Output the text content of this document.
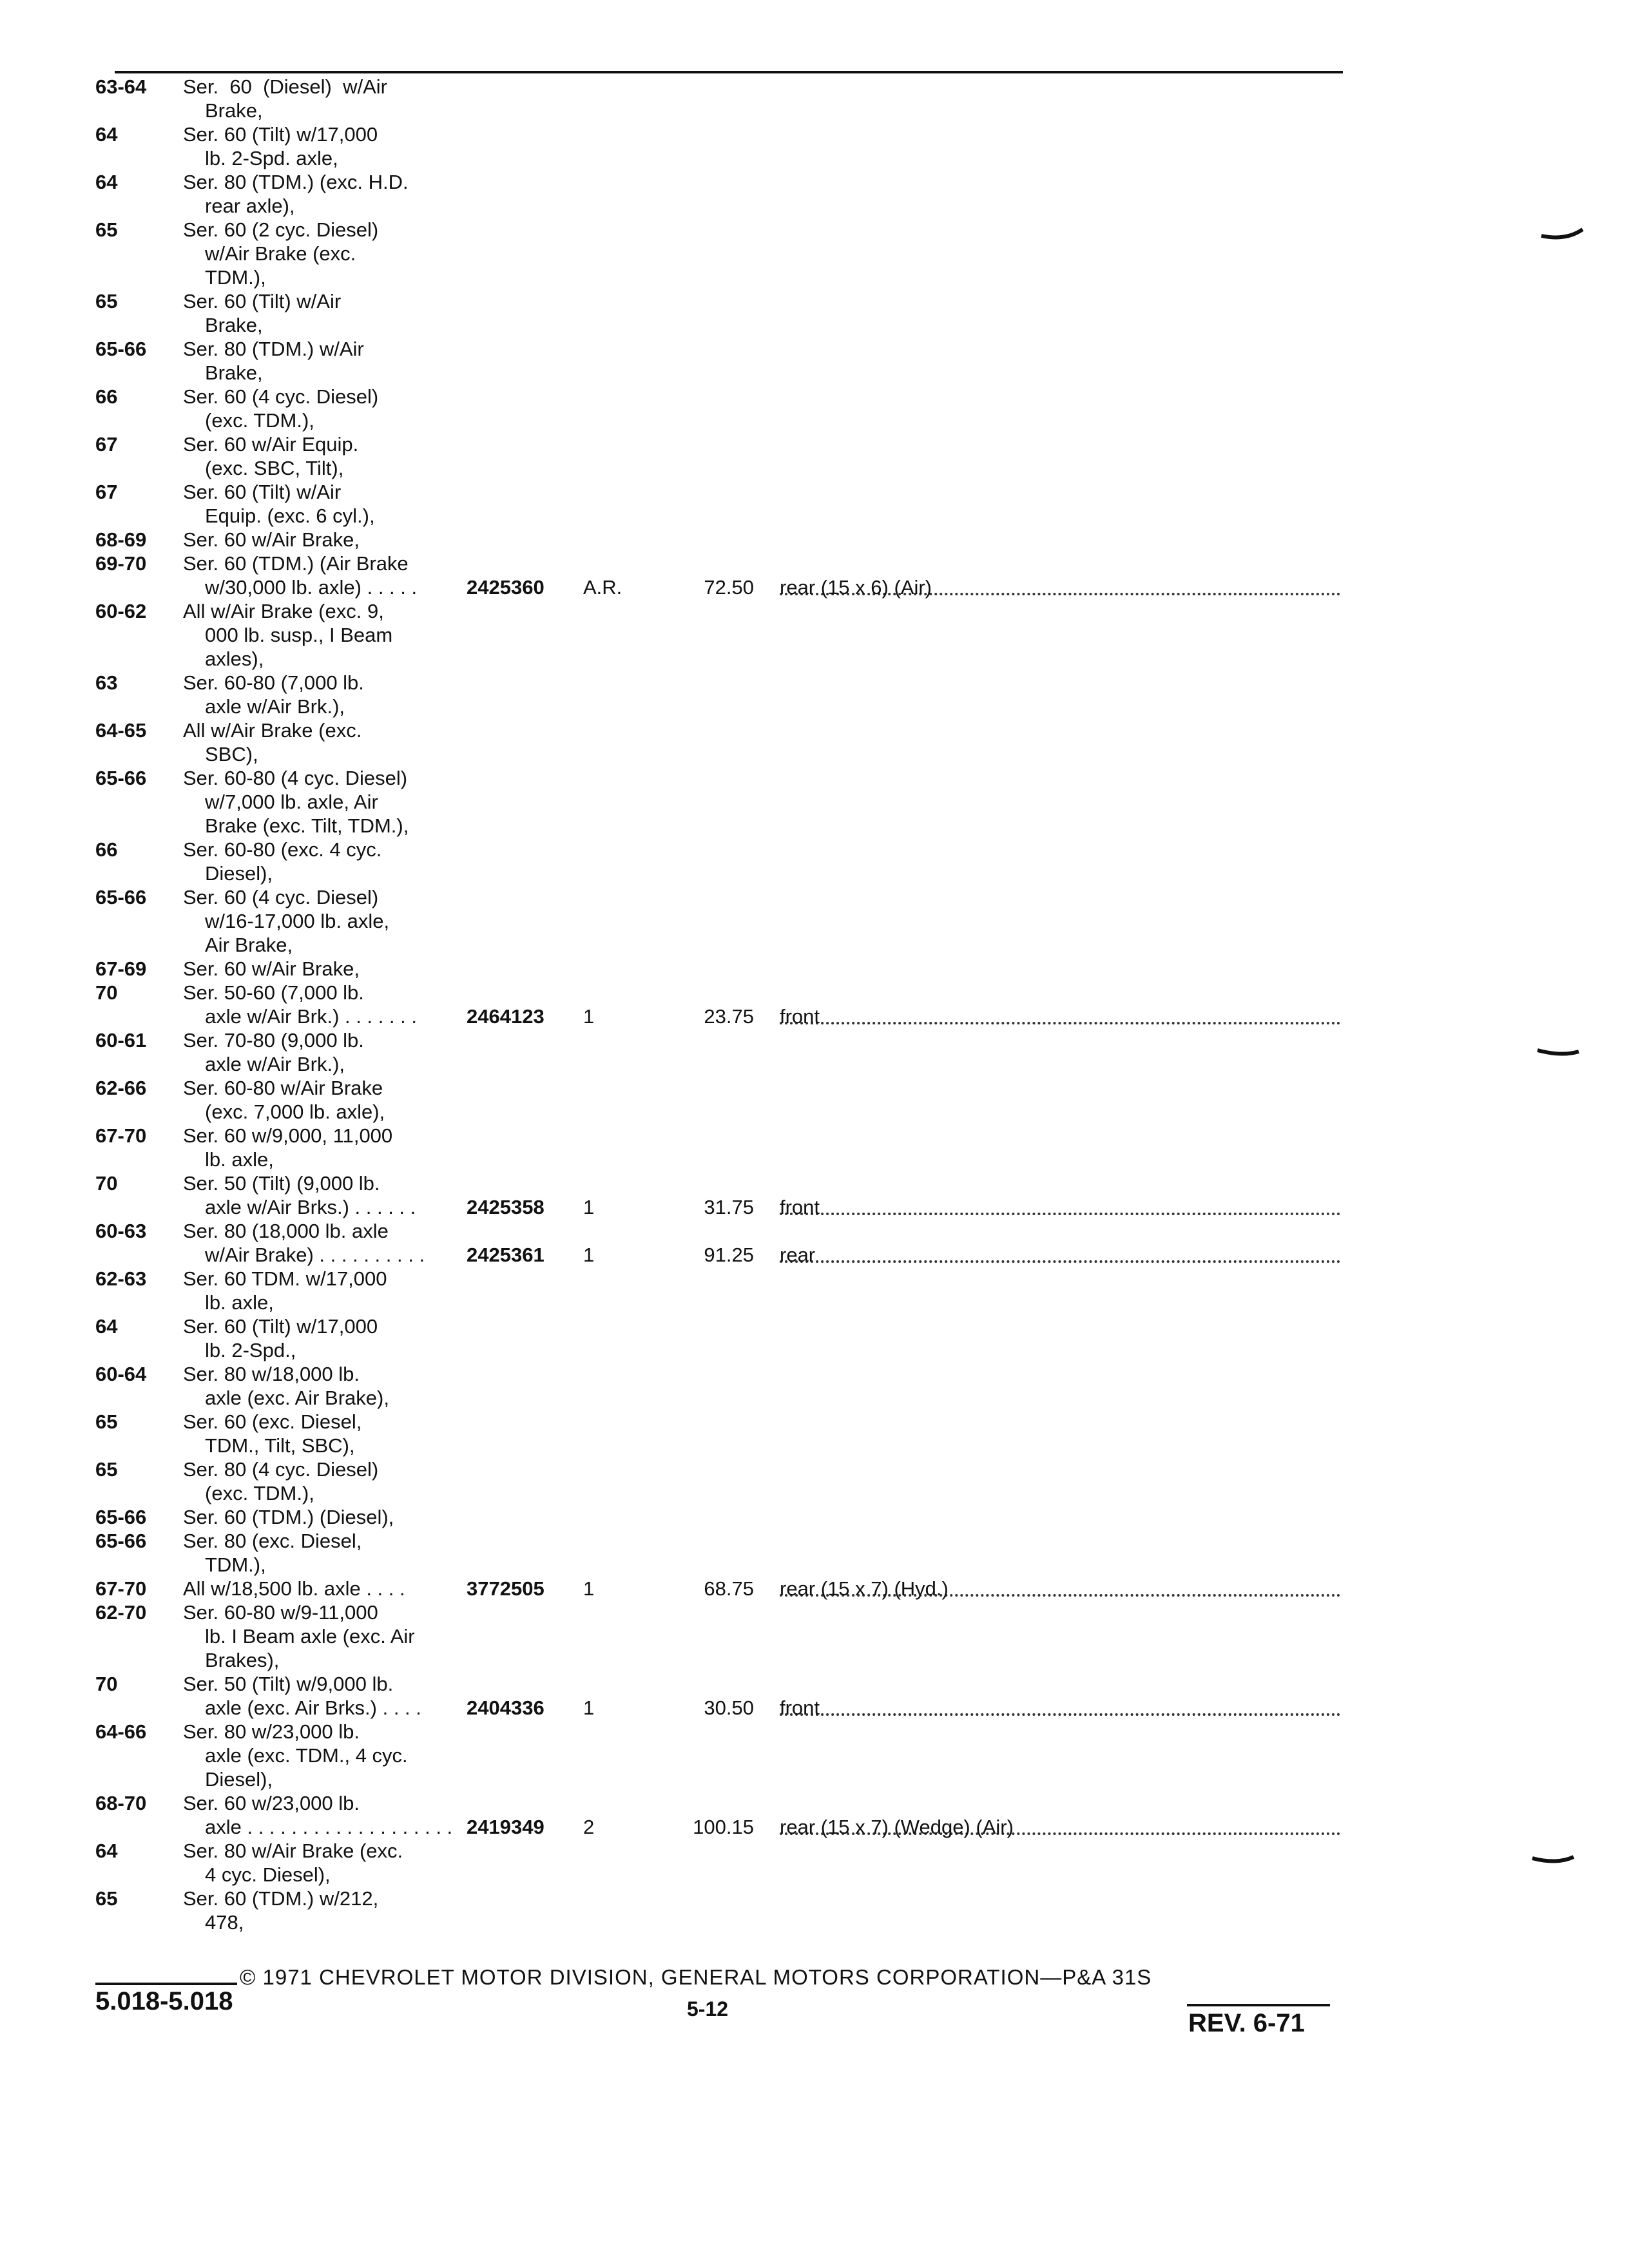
63-64	Ser.  60  (Diesel)  w/Air
Brake,
64	Ser. 60 (Tilt) w/17,000
lb. 2-Spd. axle,
64	Ser. 80 (TDM.) (exc. H.D.
rear axle),
65	Ser. 60 (2 cyc. Diesel)
w/Air Brake (exc.
TDM.),
65	Ser. 60 (Tilt) w/Air
Brake,
65-66	Ser. 80 (TDM.) w/Air
Brake,
66	Ser. 60 (4 cyc. Diesel)
(exc. TDM.),
67	Ser. 60 w/Air Equip.
(exc. SBC, Tilt),
67	Ser. 60 (Tilt) w/Air
Equip. (exc. 6 cyl.),
68-69	Ser. 60 w/Air Brake,
69-70	Ser. 60 (TDM.) (Air Brake
w/30,000 lb. axle) . . . . .	2425360	A.R.	72.50 rear (15 x 6) (Air)
60-62	All w/Air Brake (exc. 9,
000 lb. susp., I Beam
axles),
63	Ser. 60-80 (7,000 lb.
axle w/Air Brk.),
64-65	All w/Air Brake (exc.
SBC),
65-66	Ser. 60-80 (4 cyc. Diesel)
w/7,000 lb. axle, Air
Brake (exc. Tilt, TDM.),
66	Ser. 60-80 (exc. 4 cyc.
Diesel),
65-66	Ser. 60 (4 cyc. Diesel)
w/16-17,000 lb. axle,
Air Brake,
67-69	Ser. 60 w/Air Brake,
70	Ser. 50-60 (7,000 lb.
axle w/Air Brk.) . . . . . . .	2464123	1	23.75 front
60-61	Ser. 70-80 (9,000 lb.
axle w/Air Brk.),
62-66	Ser. 60-80 w/Air Brake
(exc. 7,000 lb. axle),
67-70	Ser. 60 w/9,000, 11,000
lb. axle,
70	Ser. 50 (Tilt) (9,000 lb.
axle w/Air Brks.) . . . . . .	2425358	1	31.75 front
60-63	Ser. 80 (18,000 lb. axle
w/Air Brake) . . . . . . . . . .	2425361	1	91.25 rear
62-63	Ser. 60 TDM. w/17,000
lb. axle,
64	Ser. 60 (Tilt) w/17,000
lb. 2-Spd.,
60-64	Ser. 80 w/18,000 lb.
axle (exc. Air Brake),
65	Ser. 60 (exc. Diesel,
TDM., Tilt, SBC),
65	Ser. 80 (4 cyc. Diesel)
(exc. TDM.),
65-66	Ser. 60 (TDM.) (Diesel),
65-66	Ser. 80 (exc. Diesel,
TDM.),
67-70	All w/18,500 lb. axle . . . .	3772505	1	68.75 rear (15 x 7) (Hyd.)
62-70	Ser. 60-80 w/9-11,000
lb. I Beam axle (exc. Air
Brakes),
70	Ser. 50 (Tilt) w/9,000 lb.
axle (exc. Air Brks.) . . . .	2404336	1	30.50 front
64-66	Ser. 80 w/23,000 lb.
axle (exc. TDM., 4 cyc.
Diesel),
68-70	Ser. 60 w/23,000 lb.
axle . . . . . . . . . . . . . . . . . . . 2419349	2	100.15 rear (15 x 7) (Wedge) (Air)
64	Ser. 80 w/Air Brake (exc.
4 cyc. Diesel),
65	Ser. 60 (TDM.) w/212,
478,
© 1971 CHEVROLET MOTOR DIVISION, GENERAL MOTORS CORPORATION—P&A 31S
5.018-5.018	5-12	REV. 6-71
